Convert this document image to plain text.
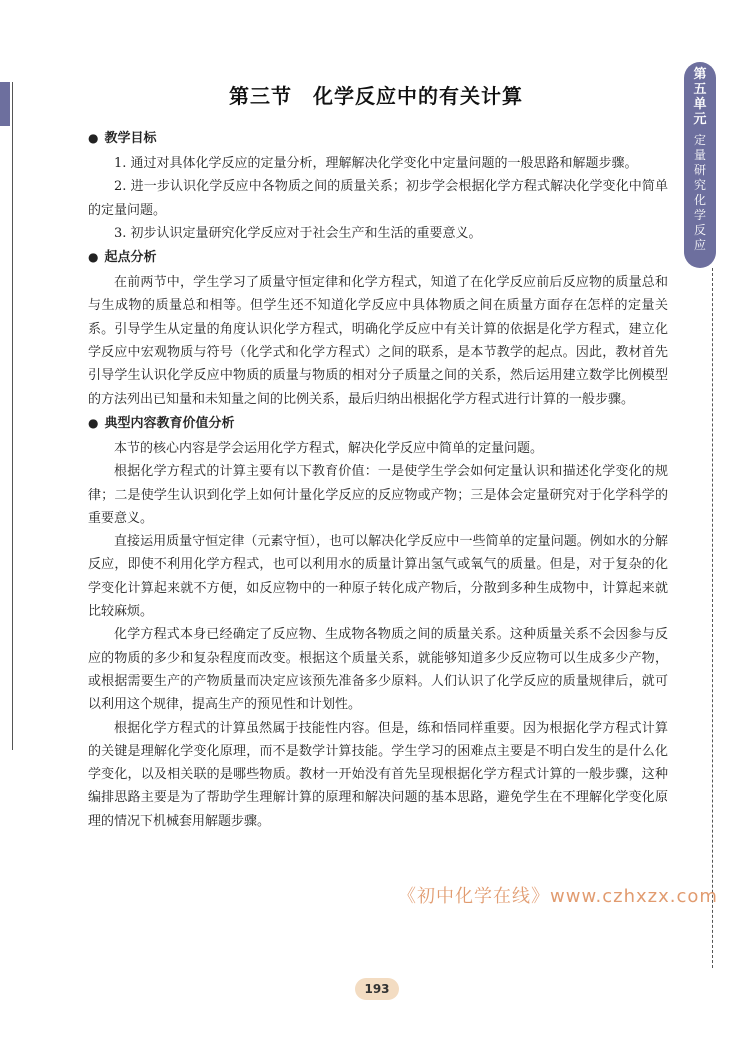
第三节　化学反应中的有关计算
第
五
单
元
定
量
研
究
化
学
反
应
● 教学目标

1. 通过对具体化学反应的定量分析，理解解决化学变化中定量问题的一般思路和解题步骤。

2. 进一步认识化学反应中各物质之间的质量关系；初步学会根据化学方程式解决化学变化中简单的定量问题。

3. 初步认识定量研究化学反应对于社会生产和生活的重要意义。

● 起点分析

在前两节中，学生学习了质量守恒定律和化学方程式，知道了在化学反应前后反应物的质量总和与生成物的质量总和相等。但学生还不知道化学反应中具体物质之间在质量方面存在怎样的定量关系。引导学生从定量的角度认识化学方程式，明确化学反应中有关计算的依据是化学方程式，建立化学反应中宏观物质与符号（化学式和化学方程式）之间的联系，是本节教学的起点。因此，教材首先引导学生认识化学反应中物质的质量与物质的相对分子质量之间的关系，然后运用建立数学比例模型的方法列出已知量和未知量之间的比例关系，最后归纳出根据化学方程式进行计算的一般步骤。

● 典型内容教育价值分析

本节的核心内容是学会运用化学方程式，解决化学反应中简单的定量问题。

根据化学方程式的计算主要有以下教育价值：一是使学生学会如何定量认识和描述化学变化的规律；二是使学生认识到化学上如何计量化学反应的反应物或产物；三是体会定量研究对于化学科学的重要意义。

直接运用质量守恒定律（元素守恒），也可以解决化学反应中一些简单的定量问题。例如水的分解反应，即使不利用化学方程式，也可以利用水的质量计算出氢气或氧气的质量。但是，对于复杂的化学变化计算起来就不方便，如反应物中的一种原子转化成产物后，分散到多种生成物中，计算起来就比较麻烦。

化学方程式本身已经确定了反应物、生成物各物质之间的质量关系。这种质量关系不会因参与反应的物质的多少和复杂程度而改变。根据这个质量关系，就能够知道多少反应物可以生成多少产物，或根据需要生产的产物质量而决定应该预先准备多少原料。人们认识了化学反应的质量规律后，就可以利用这个规律，提高生产的预见性和计划性。

根据化学方程式的计算虽然属于技能性内容。但是，练和悟同样重要。因为根据化学方程式计算的关键是理解化学变化原理，而不是数学计算技能。学生学习的困难点主要是不明白发生的是什么化学变化，以及相关联的是哪些物质。教材一开始没有首先呈现根据化学方程式计算的一般步骤，这种编排思路主要是为了帮助学生理解计算的原理和解决问题的基本思路，避免学生在不理解化学变化原理的情况下机械套用解题步骤。

《初中化学在线》www.czhxzx.com
193
